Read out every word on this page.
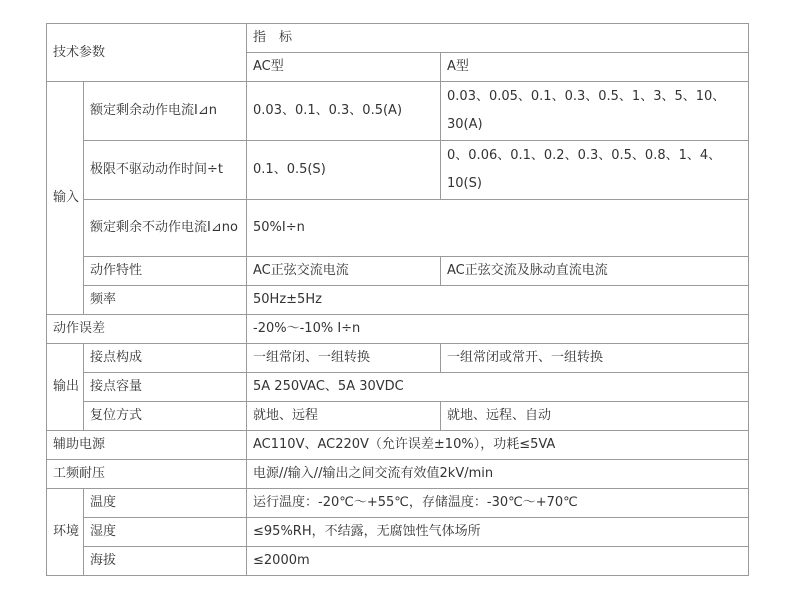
技术参数		指　标	
		AC型	A型
输入	额定剩余动作电流I⊿n	0.03、0.1、0.3、0.5(A)	0.03、0.05、0.1、0.3、0.5、1、3、5、10、30(A)
	极限不驱动动作时间÷t	0.1、0.5(S)	0、0.06、0.1、0.2、0.3、0.5、0.8、1、4、10(S)
	额定剩余不动作电流I⊿no	50%I÷n	
	动作特性	AC正弦交流电流	AC正弦交流及脉动直流电流
	频率	50Hz±5Hz	
动作误差		-20%～-10% I÷n	
输出	接点构成	一组常闭、一组转换	一组常闭或常开、一组转换
	接点容量	5A 250VAC、5A 30VDC	
	复位方式	就地、远程	就地、远程、自动
辅助电源		AC110V、AC220V（允许误差±10%），功耗≤5VA	
工频耐压		电源//输入//输出之间交流有效值2kV/min	
环境	温度	运行温度：-20℃～+55℃，存储温度：-30℃～+70℃	
	湿度	≤95%RH，不结露，无腐蚀性气体场所	
	海拔	≤2000m	
